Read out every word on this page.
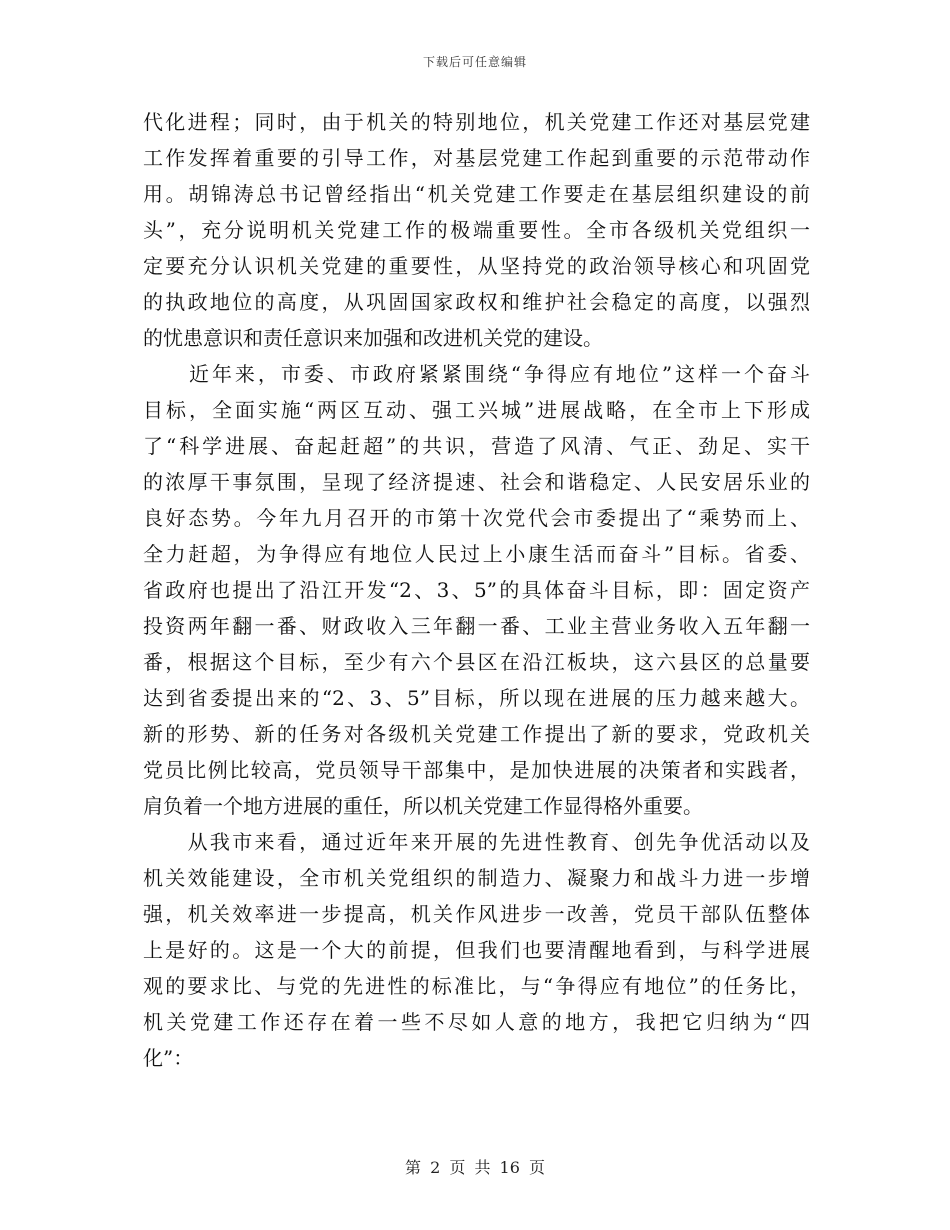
下载后可任意编辑
代化进程；同时，由于机关的特别地位，机关党建工作还对基层党建
工作发挥着重要的引导工作，对基层党建工作起到重要的示范带动作
用。胡锦涛总书记曾经指出“机关党建工作要走在基层组织建设的前
头”，充分说明机关党建工作的极端重要性。全市各级机关党组织一
定要充分认识机关党建的重要性，从坚持党的政治领导核心和巩固党
的执政地位的高度，从巩固国家政权和维护社会稳定的高度，以强烈
的忧患意识和责任意识来加强和改进机关党的建设。
　　近年来，市委、市政府紧紧围绕“争得应有地位”这样一个奋斗
目标，全面实施“两区互动、强工兴城”进展战略，在全市上下形成
了“科学进展、奋起赶超”的共识，营造了风清、气正、劲足、实干
的浓厚干事氛围，呈现了经济提速、社会和谐稳定、人民安居乐业的
良好态势。今年九月召开的市第十次党代会市委提出了“乘势而上、
全力赶超，为争得应有地位人民过上小康生活而奋斗”目标。省委、
省政府也提出了沿江开发“2、3、5”的具体奋斗目标，即：固定资产
投资两年翻一番、财政收入三年翻一番、工业主营业务收入五年翻一
番，根据这个目标，至少有六个县区在沿江板块，这六县区的总量要
达到省委提出来的“2、3、5”目标，所以现在进展的压力越来越大。
新的形势、新的任务对各级机关党建工作提出了新的要求，党政机关
党员比例比较高，党员领导干部集中，是加快进展的决策者和实践者，
肩负着一个地方进展的重任，所以机关党建工作显得格外重要。
　　从我市来看，通过近年来开展的先进性教育、创先争优活动以及
机关效能建设，全市机关党组织的制造力、凝聚力和战斗力进一步增
强，机关效率进一步提高，机关作风进步一改善，党员干部队伍整体
上是好的。这是一个大的前提，但我们也要清醒地看到，与科学进展
观的要求比、与党的先进性的标准比，与“争得应有地位”的任务比，
机关党建工作还存在着一些不尽如人意的地方，我把它归纳为“四
化”：
第 2 页 共 16 页
